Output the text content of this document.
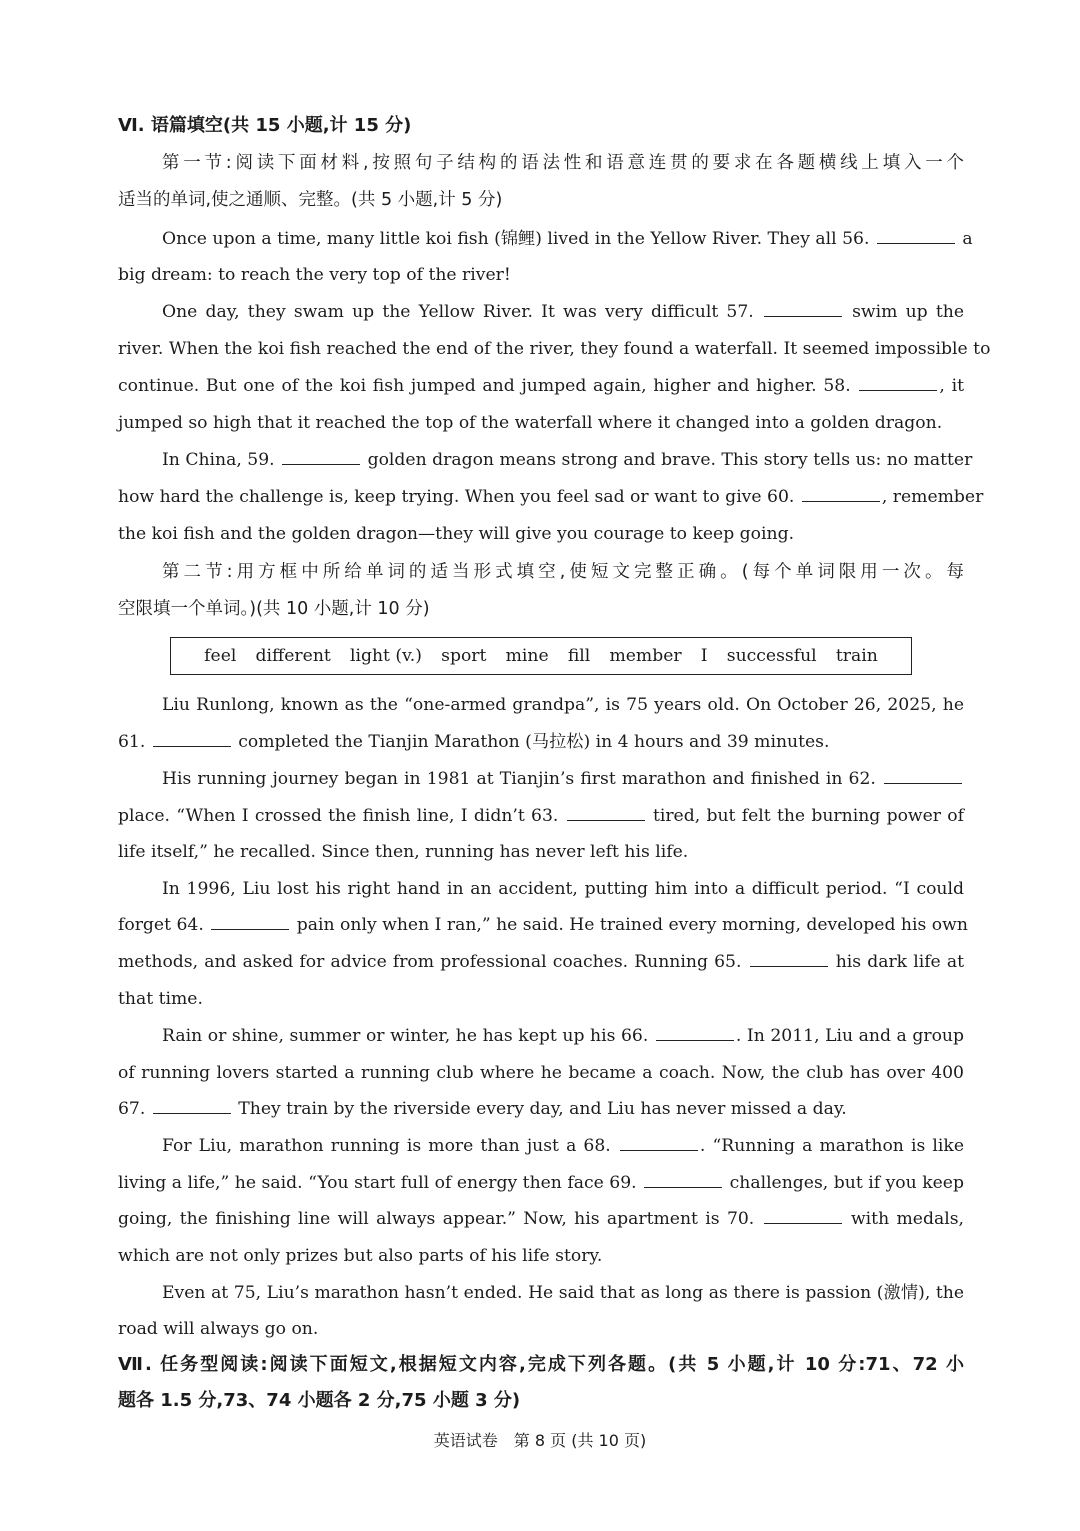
Ⅵ. 语篇填空(共 15 小题,计 15 分)
第一节:阅读下面材料,按照句子结构的语法性和语意连贯的要求在各题横线上填入一个
适当的单词,使之通顺、完整。(共 5 小题,计 5 分)
Once upon a time, many little koi fish (锦鲤) lived in the Yellow River. They all 56.	a
big dream: to reach the very top of the river!
One day, they swam up the Yellow River. It was very difficult 57.	swim up the
river. When the koi fish reached the end of the river, they found a waterfall. It seemed impossible to
continue. But one of the koi fish jumped and jumped again, higher and higher. 58.	, it
jumped so high that it reached the top of the waterfall where it changed into a golden dragon.
In China, 59.	golden dragon means strong and brave. This story tells us: no matter
how hard the challenge is, keep trying. When you feel sad or want to give 60.	, remember
the koi fish and the golden dragon—they will give you courage to keep going.
第二节:用方框中所给单词的适当形式填空,使短文完整正确。(每个单词限用一次。每
空限填一个单词。)(共 10 小题,计 10 分)
feel different light (v.) sport mine fill member I successful train
Liu Runlong, known as the “one-armed grandpa”, is 75 years old. On October 26, 2025, he
61.	completed the Tianjin Marathon (马拉松) in 4 hours and 39 minutes.
His running journey began in 1981 at Tianjin’s first marathon and finished in 62.
place. “When I crossed the finish line, I didn’t 63.	tired, but felt the burning power of
life itself,” he recalled. Since then, running has never left his life.
In 1996, Liu lost his right hand in an accident, putting him into a difficult period. “I could
forget 64.	pain only when I ran,” he said. He trained every morning, developed his own
methods, and asked for advice from professional coaches. Running 65.	his dark life at
that time.
Rain or shine, summer or winter, he has kept up his 66.	. In 2011, Liu and a group
of running lovers started a running club where he became a coach. Now, the club has over 400
67.	They train by the riverside every day, and Liu has never missed a day.
For Liu, marathon running is more than just a 68.	. “Running a marathon is like
living a life,” he said. “You start full of energy then face 69.	challenges, but if you keep
going, the finishing line will always appear.” Now, his apartment is 70.	with medals,
which are not only prizes but also parts of his life story.
Even at 75, Liu’s marathon hasn’t ended. He said that as long as there is passion (激情), the
road will always go on.
Ⅶ. 任务型阅读:阅读下面短文,根据短文内容,完成下列各题。(共 5 小题,计 10 分:71、72 小
题各 1.5 分,73、74 小题各 2 分,75 小题 3 分)
英语试卷　第 8 页 (共 10 页)
